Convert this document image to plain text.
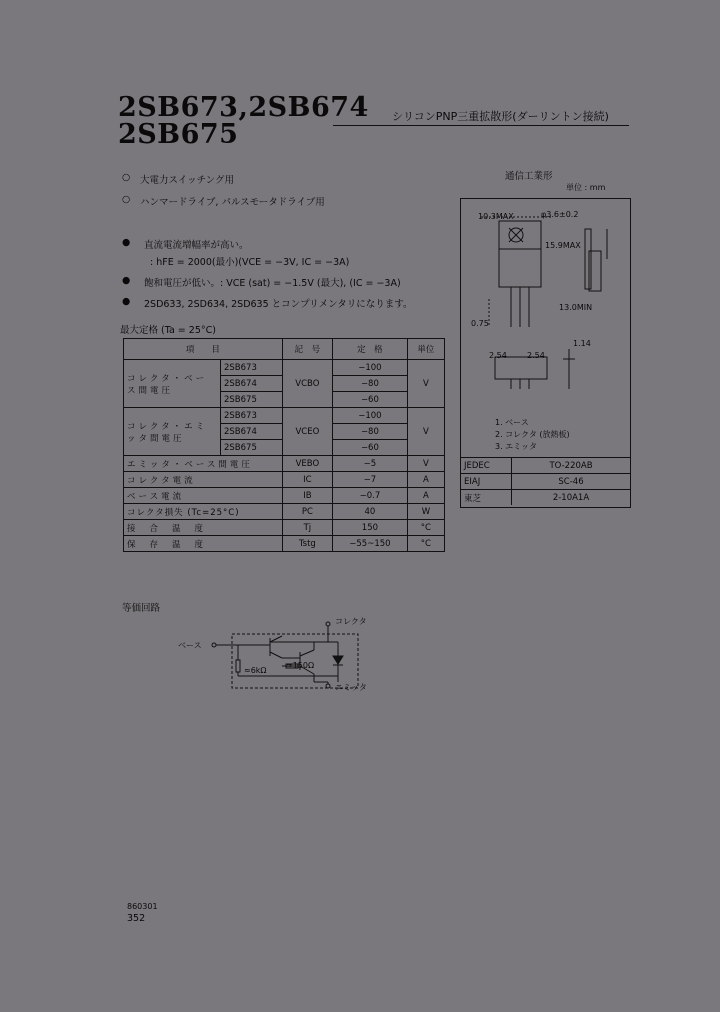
2SB673,2SB674
2SB675
シリコンPNP三重拡散形(ダーリントン接続)
○ 大電力スイッチング用
○ ハンマードライブ, パルスモータドライブ用
● 直流電流増幅率が高い。
: hFE = 2000(最小)(VCE = −3V, IC = −3A)
● 飽和電圧が低い。: VCE (sat) = −1.5V (最大), (IC = −3A)
● 2SD633, 2SD634, 2SD635 とコンプリメンタリになります。
最大定格 (Ta = 25°C)
項　　目		記　号	定　格	単位
コレクタ・ベース間電圧	2SB673	VCBO	−100	V
	2SB674		−80	
	2SB675		−60	
コレクタ・エミッタ間電圧	2SB673	VCEO	−100	V
	2SB674		−80	
	2SB675		−60	
エミッタ・ベース間電圧		VEBO	−5	V
コレクタ電流		IC	−7	A
ベース電流		IB	−0.7	A
コレクタ損失 (Tc=25°C)		PC	40	W
接合温度		Tj	150	°C
保存温度		Tstg	−55~150	°C
通信工業形
単位 : mm
10.3MAX	φ3.6±0.2
15.9MAX
0.75
2.54	2.54
13.0MIN
1.14
1. ベース
2. コレクタ (放熱板)
3. エミッタ
JEDEC	TO-220AB
EIAJ	SC-46
東芝	2-10A1A
等価回路
コレクタ
ベース
エミッタ
≈6kΩ
≈150Ω
860301
352
